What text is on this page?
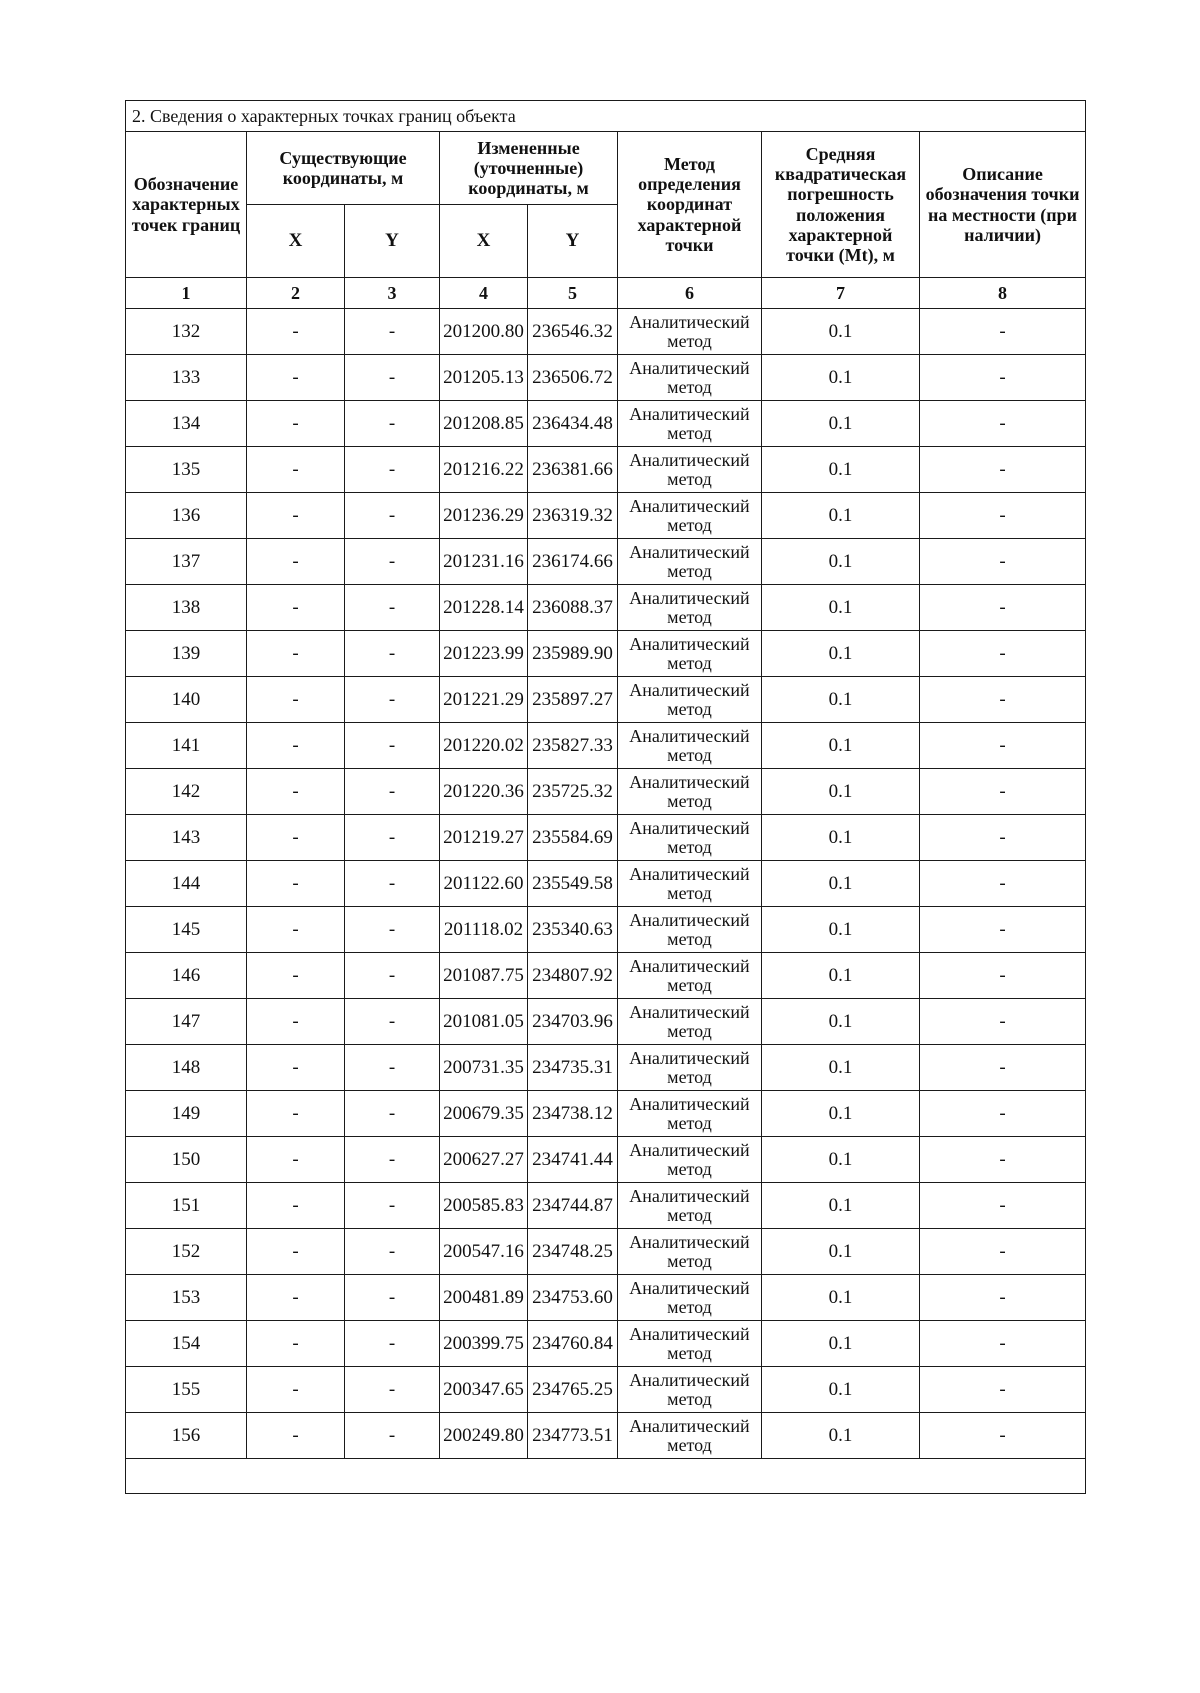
2. Сведения о характерных точках границ объекта							
Обозначение характерных точек границ	Существующие координаты, м		Измененные (уточненные) координаты, м		Метод определения координат характерной точки	Средняя квадратическая погрешность положения характерной точки (Mt), м	Описание обозначения точки на местности (при наличии)
	X	Y	X	Y			
1	2	3	4	5	6	7	8
132	-	-	201200.80	236546.32	Аналитический метод	0.1	-
133	-	-	201205.13	236506.72	Аналитический метод	0.1	-
134	-	-	201208.85	236434.48	Аналитический метод	0.1	-
135	-	-	201216.22	236381.66	Аналитический метод	0.1	-
136	-	-	201236.29	236319.32	Аналитический метод	0.1	-
137	-	-	201231.16	236174.66	Аналитический метод	0.1	-
138	-	-	201228.14	236088.37	Аналитический метод	0.1	-
139	-	-	201223.99	235989.90	Аналитический метод	0.1	-
140	-	-	201221.29	235897.27	Аналитический метод	0.1	-
141	-	-	201220.02	235827.33	Аналитический метод	0.1	-
142	-	-	201220.36	235725.32	Аналитический метод	0.1	-
143	-	-	201219.27	235584.69	Аналитический метод	0.1	-
144	-	-	201122.60	235549.58	Аналитический метод	0.1	-
145	-	-	201118.02	235340.63	Аналитический метод	0.1	-
146	-	-	201087.75	234807.92	Аналитический метод	0.1	-
147	-	-	201081.05	234703.96	Аналитический метод	0.1	-
148	-	-	200731.35	234735.31	Аналитический метод	0.1	-
149	-	-	200679.35	234738.12	Аналитический метод	0.1	-
150	-	-	200627.27	234741.44	Аналитический метод	0.1	-
151	-	-	200585.83	234744.87	Аналитический метод	0.1	-
152	-	-	200547.16	234748.25	Аналитический метод	0.1	-
153	-	-	200481.89	234753.60	Аналитический метод	0.1	-
154	-	-	200399.75	234760.84	Аналитический метод	0.1	-
155	-	-	200347.65	234765.25	Аналитический метод	0.1	-
156	-	-	200249.80	234773.51	Аналитический метод	0.1	-
